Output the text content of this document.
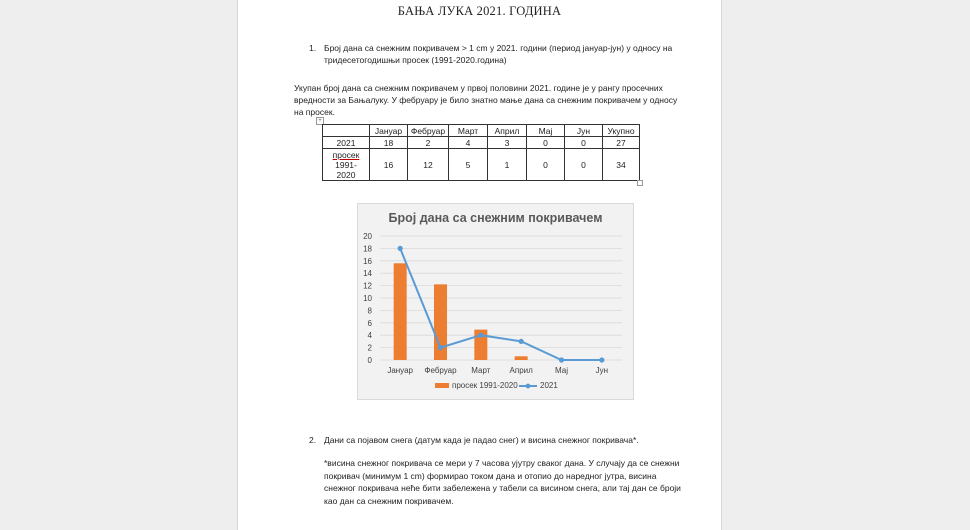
БАЊА ЛУКА 2021. ГОДИНА
1. Број дана са снежним покривачем > 1 cm у 2021. години (период јануар-јун) у односу на
тридесетогодишњи просек (1991-2020.година)
Укупан број дана са снежним покривачем у првој половини 2021. године је у рангу просечних
вредности за Бањалуку. У фебруару је било знатно мање дана са снежним покривачем у односу
на просек.
+
	Јануар	Фебруар	Март	Април	Мај	Јун	Укупно
2021	18	2	4	3	0	0	27

просек
1991-
2020	16	12	5	1	0	0	34
Број дана са снежним покривачем
0
2
4
6
8
10
12
14
16
18
20
Јануар Фебруар Март Април	Мај	Јун
просек 1991-2020	2021
2. Дани са појавом снега (датум када је падао снег) и висина снежног покривача*.
*висина снежног покривача се мери у 7 часова ујутру сваког дана. У случају да се снежни
покривач (минимум 1 cm) формирао током дана и отопио до наредног јутра, висина
снежног покривача неће бити забележена у табели са висином снега, али тај дан се броји
као дан са снежним покривачем.
